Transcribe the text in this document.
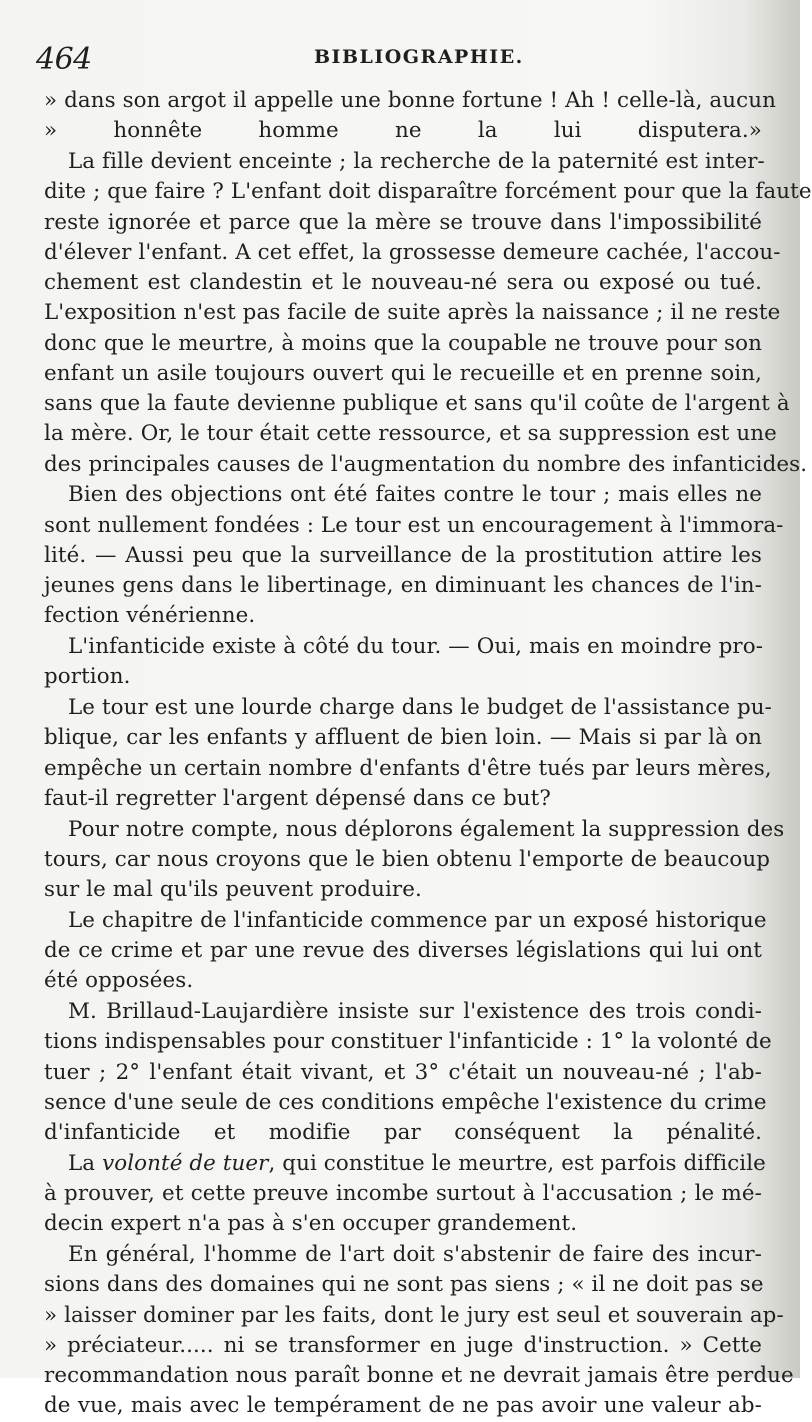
464	BIBLIOGRAPHIE.
» dans son argot il appelle une bonne fortune ! Ah ! celle-là, aucun
» honnête homme ne la lui disputera.»
La fille devient enceinte ; la recherche de la paternité est inter-
dite ; que faire ? L'enfant doit disparaître forcément pour que la faute
reste ignorée et parce que la mère se trouve dans l'impossibilité
d'élever l'enfant. A cet effet, la grossesse demeure cachée, l'accou-
chement est clandestin et le nouveau-né sera ou exposé ou tué.
L'exposition n'est pas facile de suite après la naissance ; il ne reste
donc que le meurtre, à moins que la coupable ne trouve pour son
enfant un asile toujours ouvert qui le recueille et en prenne soin,
sans que la faute devienne publique et sans qu'il coûte de l'argent à
la mère. Or, le tour était cette ressource, et sa suppression est une
des principales causes de l'augmentation du nombre des infanticides.
Bien des objections ont été faites contre le tour ; mais elles ne
sont nullement fondées : Le tour est un encouragement à l'immora-
lité. — Aussi peu que la surveillance de la prostitution attire les
jeunes gens dans le libertinage, en diminuant les chances de l'in-
fection vénérienne.
L'infanticide existe à côté du tour. — Oui, mais en moindre pro-
portion.
Le tour est une lourde charge dans le budget de l'assistance pu-
blique, car les enfants y affluent de bien loin. — Mais si par là on
empêche un certain nombre d'enfants d'être tués par leurs mères,
faut-il regretter l'argent dépensé dans ce but?
Pour notre compte, nous déplorons également la suppression des
tours, car nous croyons que le bien obtenu l'emporte de beaucoup
sur le mal qu'ils peuvent produire.
Le chapitre de l'infanticide commence par un exposé historique
de ce crime et par une revue des diverses législations qui lui ont
été opposées.
M. Brillaud-Laujardière insiste sur l'existence des trois condi-
tions indispensables pour constituer l'infanticide : 1° la volonté de
tuer ; 2° l'enfant était vivant, et 3° c'était un nouveau-né ; l'ab-
sence d'une seule de ces conditions empêche l'existence du crime
d'infanticide et modifie par conséquent la pénalité.
La volonté de tuer, qui constitue le meurtre, est parfois difficile
à prouver, et cette preuve incombe surtout à l'accusation ; le mé-
decin expert n'a pas à s'en occuper grandement.
En général, l'homme de l'art doit s'abstenir de faire des incur-
sions dans des domaines qui ne sont pas siens ; « il ne doit pas se
» laisser dominer par les faits, dont le jury est seul et souverain ap-
» préciateur..... ni se transformer en juge d'instruction. » Cette
recommandation nous paraît bonne et ne devrait jamais être perdue
de vue, mais avec le tempérament de ne pas avoir une valeur ab-
